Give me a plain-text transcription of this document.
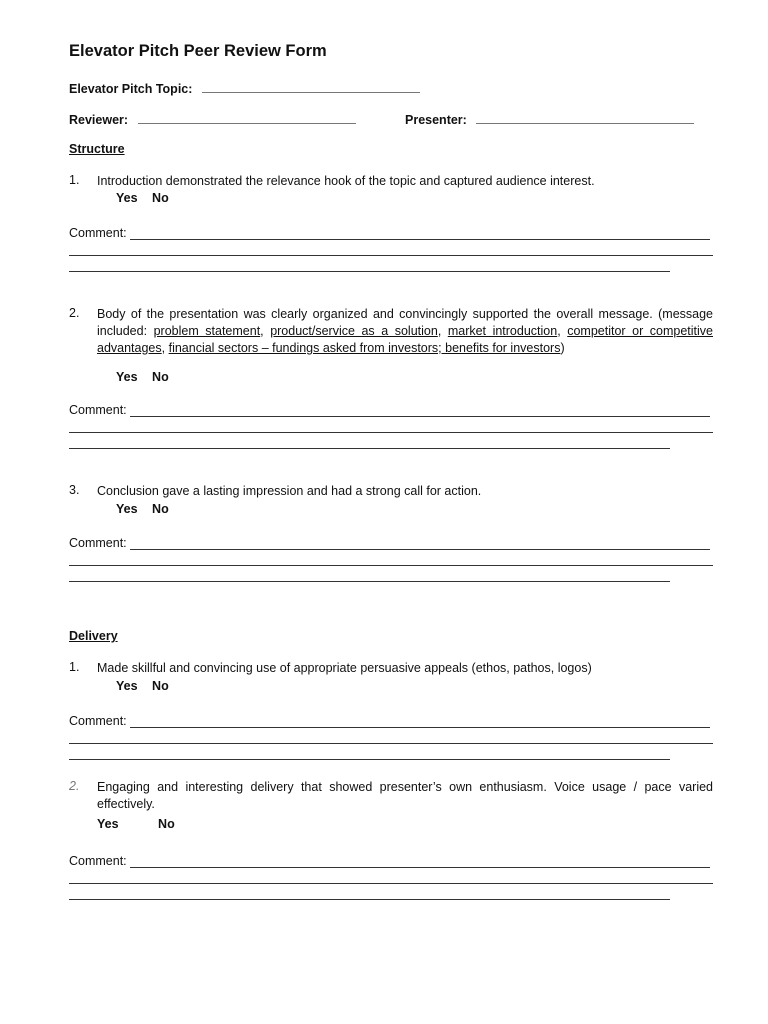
Elevator Pitch Peer Review Form
Elevator Pitch Topic:
Reviewer:	Presenter:
Structure
1.	Introduction demonstrated the relevance hook of the topic and captured audience interest.
Yes No
Comment:
2.	Body of the presentation was clearly organized and convincingly supported the overall message. (message included: problem statement, product/service as a solution, market introduction, competitor or competitive advantages, financial sectors – fundings asked from investors; benefits for investors)
Yes No
Comment:
3.	Conclusion gave a lasting impression and had a strong call for action.
Yes No
Comment:
Delivery
1.	Made skillful and convincing use of appropriate persuasive appeals (ethos, pathos, logos)
Yes No
Comment:
2.	Engaging and interesting delivery that showed presenter’s own enthusiasm. Voice usage / pace varied effectively.
Yes	No
Comment:
